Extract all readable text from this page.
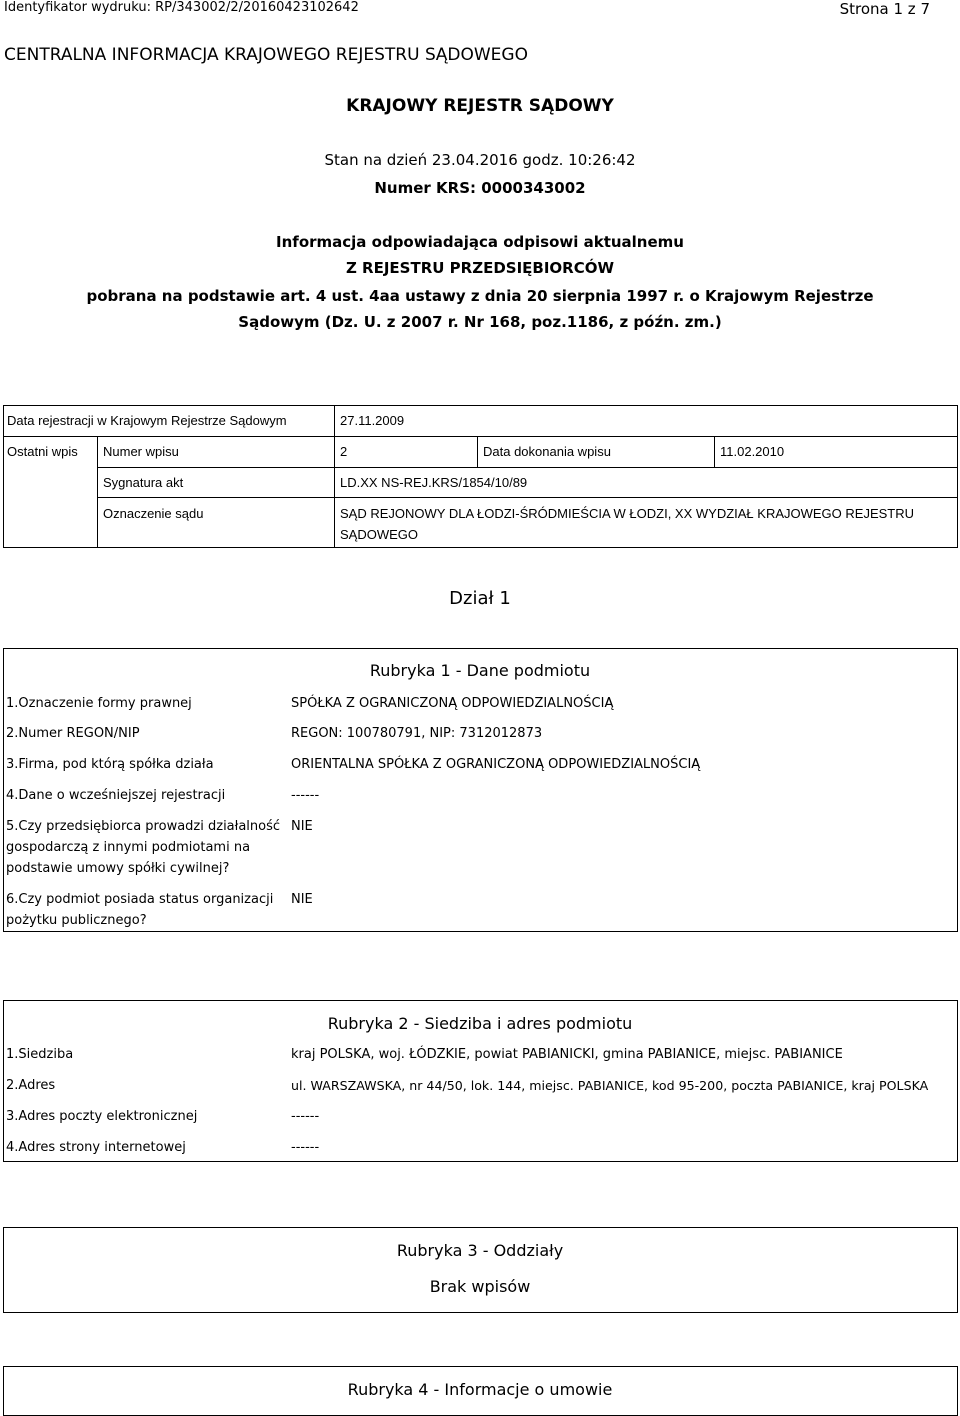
Identyfikator wydruku: RP/343002/2/20160423102642	Strona 1 z 7
CENTRALNA INFORMACJA KRAJOWEGO REJESTRU SĄDOWEGO
KRAJOWY REJESTR SĄDOWY
Stan na dzień 23.04.2016 godz. 10:26:42
Numer KRS: 0000343002
Informacja odpowiadająca odpisowi aktualnemu
Z REJESTRU PRZEDSIĘBIORCÓW
pobrana na podstawie art. 4 ust. 4aa ustawy z dnia 20 sierpnia 1997 r. o Krajowym Rejestrze
Sądowym (Dz. U. z 2007 r. Nr 168, poz.1186, z późn. zm.)
Data rejestracji w Krajowym Rejestrze Sądowym	27.11.2009
Ostatni wpis Numer wpisu	2	Data dokonania wpisu	11.02.2010
Sygnatura akt	LD.XX NS-REJ.KRS/1854/10/89
Oznaczenie sądu	SĄD REJONOWY DLA ŁODZI-ŚRÓDMIEŚCIA W ŁODZI, XX WYDZIAŁ KRAJOWEGO REJESTRU
SĄDOWEGO
Dział 1
Rubryka 1 - Dane podmiotu
1.Oznaczenie formy prawnej	SPÓŁKA Z OGRANICZONĄ ODPOWIEDZIALNOŚCIĄ
2.Numer REGON/NIP	REGON: 100780791, NIP: 7312012873
3.Firma, pod którą spółka działa	ORIENTALNA SPÓŁKA Z OGRANICZONĄ ODPOWIEDZIALNOŚCIĄ
4.Dane o wcześniejszej rejestracji	------
5.Czy przedsiębiorca prowadzi działalność
gospodarczą z innymi podmiotami na
podstawie umowy spółki cywilnej?
NIE
6.Czy podmiot posiada status organizacji
pożytku publicznego?
NIE
Rubryka 2 - Siedziba i adres podmiotu
1.Siedziba	kraj POLSKA, woj. ŁÓDZKIE, powiat PABIANICKI, gmina PABIANICE, miejsc. PABIANICE
2.Adres	ul. WARSZAWSKA, nr 44/50, lok. 144, miejsc. PABIANICE, kod 95-200, poczta PABIANICE, kraj POLSKA
3.Adres poczty elektronicznej	------
4.Adres strony internetowej	------
Rubryka 3 - Oddziały
Brak wpisów
Rubryka 4 - Informacje o umowie
